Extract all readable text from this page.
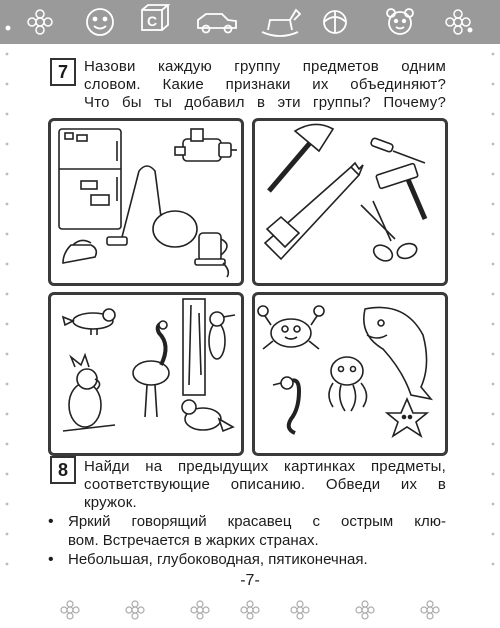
C
7	Назови каждую группу предметов одним
словом. Какие признаки их объединяют?
Что бы ты добавил в эти группы? Почему?
8	Найди на предыдущих картинках предметы,
соответствующие описанию. Обведи их в
кружок.
• Яркий говорящий красавец с острым клю-
вом. Встречается в жарких странах.
• Небольшая, глубоководная, пятиконечная.
-7-
